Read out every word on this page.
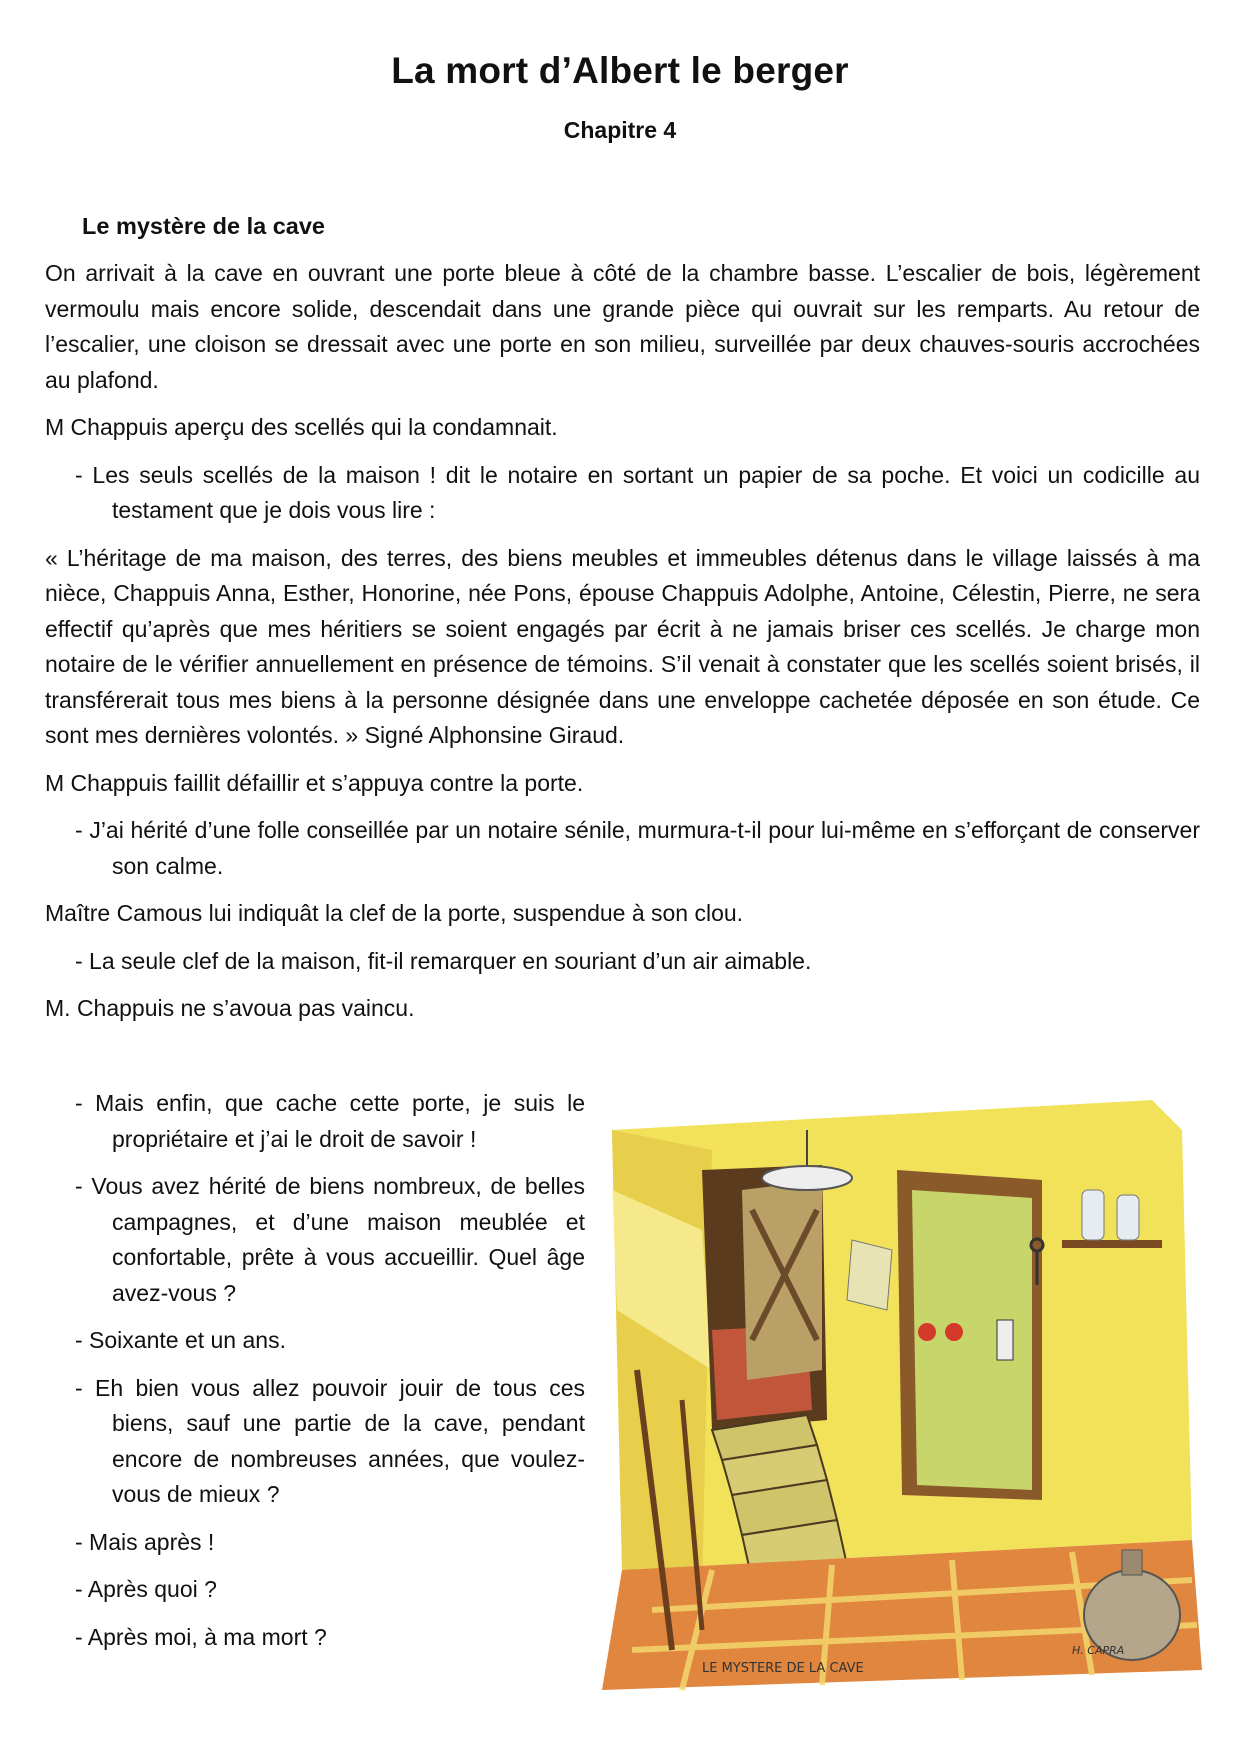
La mort d’Albert le berger
Chapitre 4
Le mystère de la cave

On arrivait à la cave en ouvrant une porte bleue à côté de la chambre basse. L’escalier de bois, légèrement vermoulu mais encore solide, descendait dans une grande pièce qui ouvrait sur les remparts. Au retour de l’escalier, une cloison se dressait avec une porte en son milieu, surveillée par deux chauves-souris accrochées au plafond.

M Chappuis aperçu des scellés qui la condamnait.

- Les seuls scellés de la maison ! dit le notaire en sortant un papier de sa poche. Et voici un codicille au testament que je dois vous lire :

« L’héritage de ma maison, des terres, des biens meubles et immeubles détenus dans le village laissés à ma nièce, Chappuis Anna, Esther, Honorine, née Pons, épouse Chappuis Adolphe, Antoine, Célestin, Pierre, ne sera effectif qu’après que mes héritiers se soient engagés par écrit à ne jamais briser ces scellés. Je charge mon notaire de le vérifier annuellement en présence de témoins. S’il venait à constater que les scellés soient brisés, il transférerait tous mes biens à la personne désignée dans une enveloppe cachetée déposée en son étude. Ce sont mes dernières volontés. » Signé Alphonsine Giraud.

M Chappuis faillit défaillir et s’appuya contre la porte.

- J’ai hérité d’une folle conseillée par un notaire sénile, murmura-t-il pour lui-même en s’efforçant de conserver son calme.

Maître Camous lui indiquât la clef de la porte, suspendue à son clou.

- La seule clef de la maison, fit-il remarquer en souriant d’un air aimable.

M. Chappuis ne s’avoua pas vaincu.

- Mais enfin, que cache cette porte, je suis le propriétaire et j’ai le droit de savoir !

- Vous avez hérité de biens nombreux, de belles campagnes, et d’une maison meublée et confortable, prête à vous accueillir. Quel âge avez-vous ?

- Soixante et un ans.

- Eh bien vous allez pouvoir jouir de tous ces biens, sauf une partie de la cave, pendant encore de nombreuses années, que voulez-vous de mieux ?

- Mais après !

- Après quoi ?

- Après moi, à ma mort ?

LE MYSTERE DE LA CAVE
H. CAPRA
